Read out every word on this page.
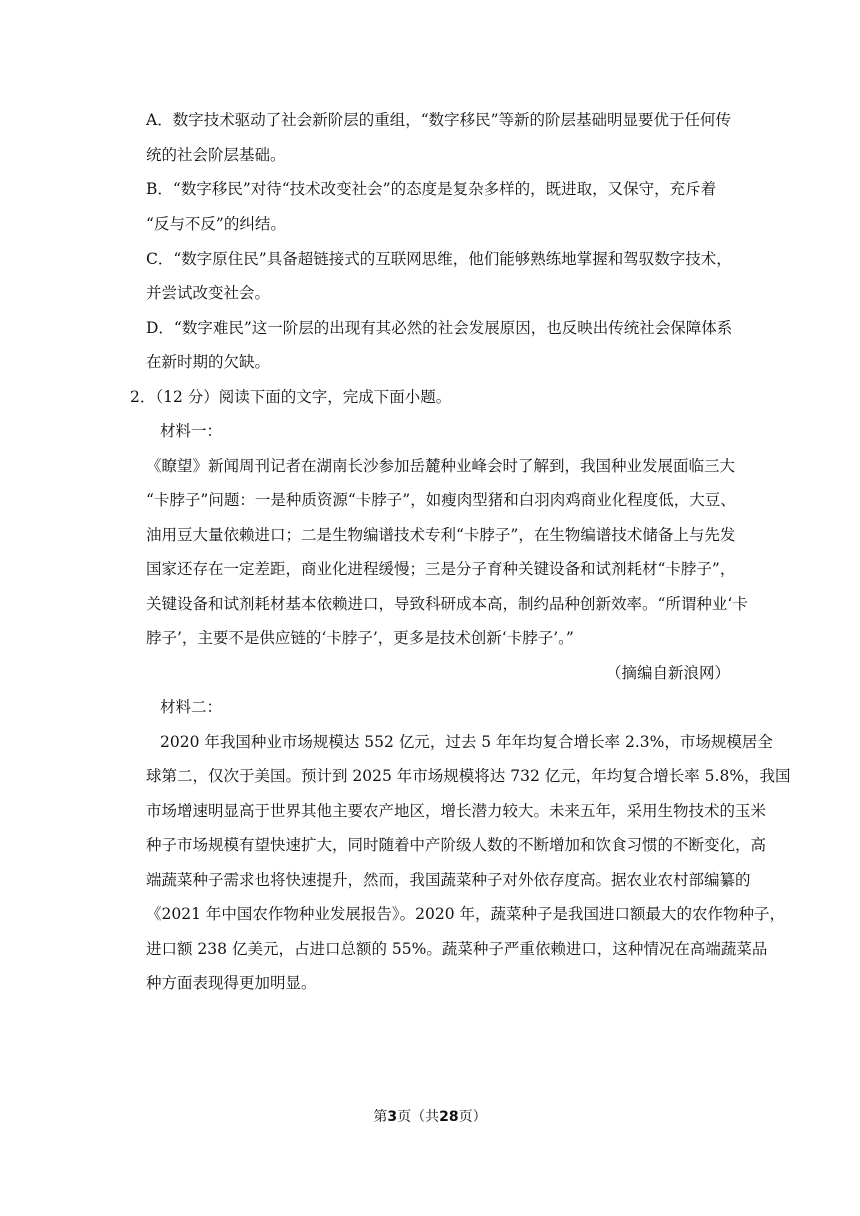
A．数字技术驱动了社会新阶层的重组，“数字移民”等新的阶层基础明显要优于任何传
统的社会阶层基础。
B．“数字移民”对待“技术改变社会”的态度是复杂多样的，既进取，又保守，充斥着
“反与不反”的纠结。
C．“数字原住民”具备超链接式的互联网思维，他们能够熟练地掌握和驾驭数字技术，
并尝试改变社会。
D．“数字难民”这一阶层的出现有其必然的社会发展原因，也反映出传统社会保障体系
在新时期的欠缺。
2．（12 分）阅读下面的文字，完成下面小题。
材料一：
《瞭望》新闻周刊记者在湖南长沙参加岳麓种业峰会时了解到，我国种业发展面临三大
“卡脖子”问题：一是种质资源“卡脖子”，如瘦肉型猪和白羽肉鸡商业化程度低，大豆、
油用豆大量依赖进口；二是生物编谱技术专利“卡脖子”，在生物编谱技术储备上与先发
国家还存在一定差距，商业化进程缓慢；三是分子育种关键设备和试剂耗材“卡脖子”，
关键设备和试剂耗材基本依赖进口，导致科研成本高，制约品种创新效率。“所谓种业‘卡
脖子’，主要不是供应链的‘卡脖子’，更多是技术创新‘卡脖子’。”
（摘编自新浪网）
材料二：
2020 年我国种业市场规模达 552 亿元，过去 5 年年均复合增长率 2.3%，市场规模居全
球第二，仅次于美国。预计到 2025 年市场规模将达 732 亿元，年均复合增长率 5.8%，我国
市场增速明显高于世界其他主要农产地区，增长潜力较大。未来五年，采用生物技术的玉米
种子市场规模有望快速扩大，同时随着中产阶级人数的不断增加和饮食习惯的不断变化，高
端蔬菜种子需求也将快速提升，然而，我国蔬菜种子对外依存度高。据农业农村部编纂的
《2021 年中国农作物种业发展报告》。2020 年，蔬菜种子是我国进口额最大的农作物种子，
进口额 238 亿美元，占进口总额的 55%。蔬菜种子严重依赖进口，这种情况在高端蔬菜品
种方面表现得更加明显。
第3页（共28页）
